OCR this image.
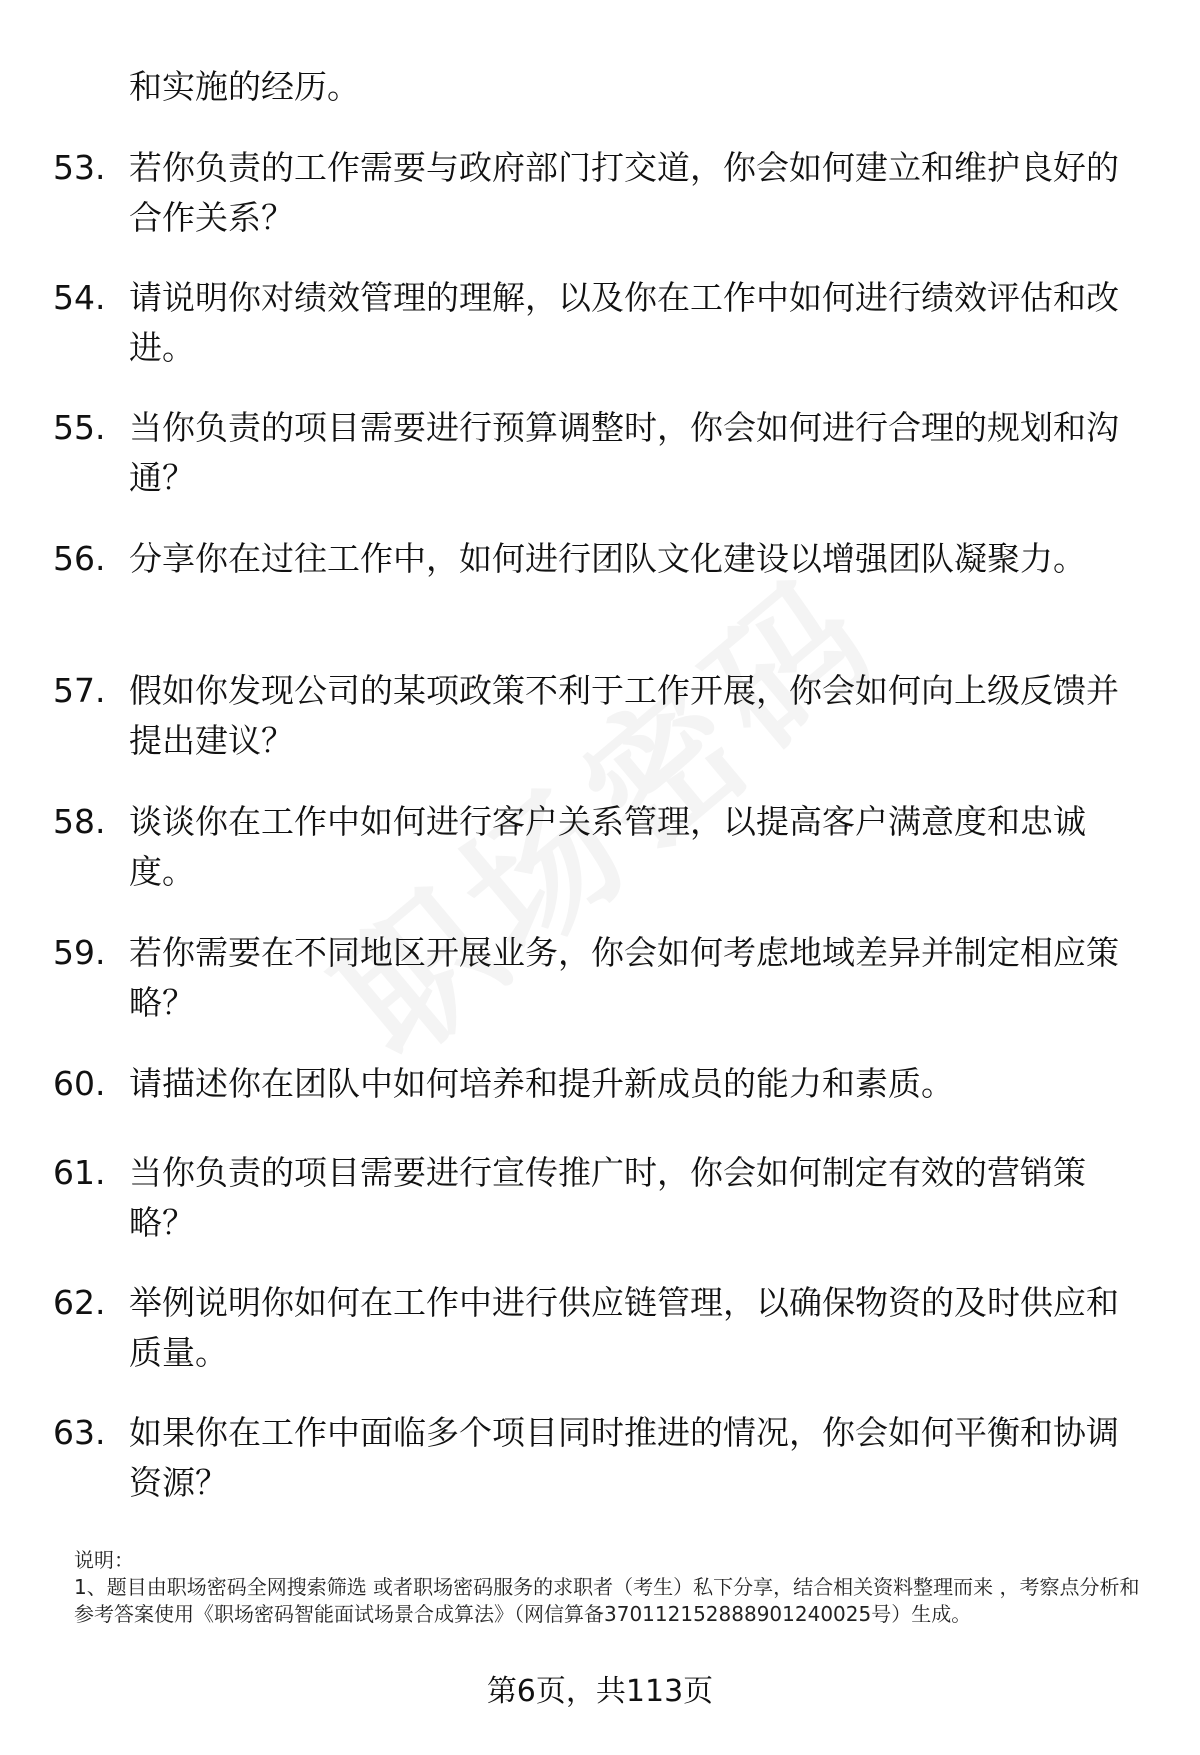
和实施的经历。
53. 若你负责的工作需要与政府部门打交道，你会如何建立和维护良好的合作关系？
54. 请说明你对绩效管理的理解，以及你在工作中如何进行绩效评估和改进。
55. 当你负责的项目需要进行预算调整时，你会如何进行合理的规划和沟通？
56. 分享你在过往工作中，如何进行团队文化建设以增强团队凝聚力。
57. 假如你发现公司的某项政策不利于工作开展，你会如何向上级反馈并提出建议？
58. 谈谈你在工作中如何进行客户关系管理，以提高客户满意度和忠诚度。
59. 若你需要在不同地区开展业务，你会如何考虑地域差异并制定相应策略？
60. 请描述你在团队中如何培养和提升新成员的能力和素质。
61. 当你负责的项目需要进行宣传推广时，你会如何制定有效的营销策略？
62. 举例说明你如何在工作中进行供应链管理，以确保物资的及时供应和质量。
63. 如果你在工作中面临多个项目同时推进的情况，你会如何平衡和协调资源？

说明：

1、题目由职场密码全网搜索筛选 或者职场密码服务的求职者（考生）私下分享，结合相关资料整理而来 ，考察点分析和参考答案使用《职场密码智能面试场景合成算法》（网信算备370112152888901240025号）生成。

第6页，共113页
